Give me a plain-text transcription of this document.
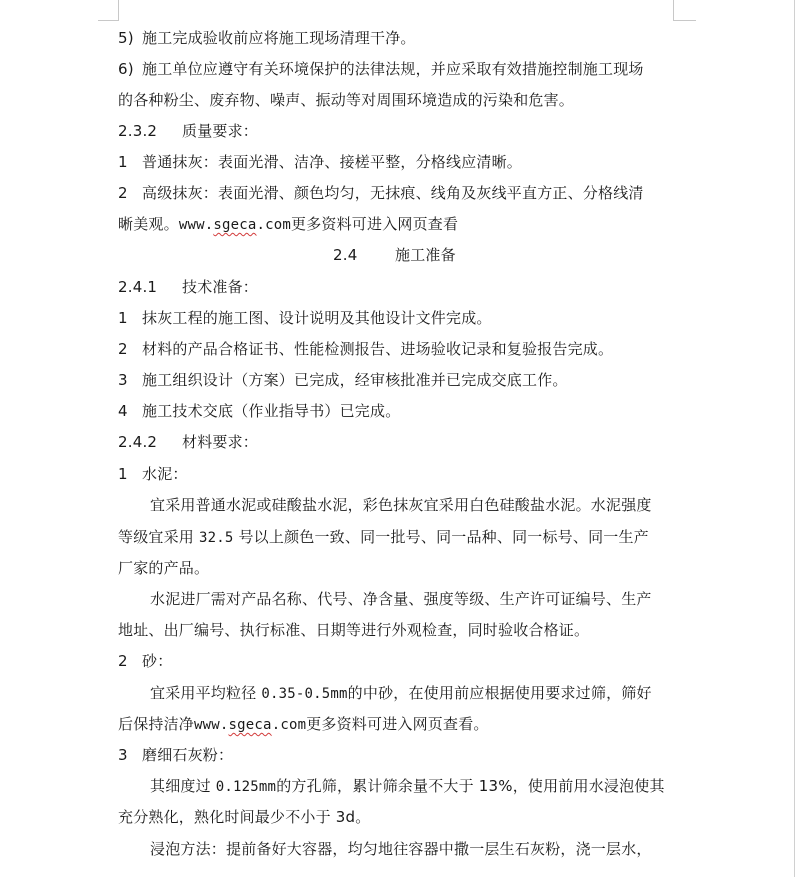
5) 施工完成验收前应将施工现场清理干净。
6) 施工单位应遵守有关环境保护的法律法规，并应采取有效措施控制施工现场
的各种粉尘、废弃物、噪声、振动等对周围环境造成的污染和危害。
2.3.2 质量要求：
1 普通抹灰：表面光滑、洁净、接槎平整，分格线应清晰。
2 高级抹灰：表面光滑、颜色均匀，无抹痕、线角及灰线平直方正、分格线清
晰美观。www.sgeca.com更多资料可进入网页查看
2.4	施工准备
2.4.1 技术准备：
1 抹灰工程的施工图、设计说明及其他设计文件完成。
2 材料的产品合格证书、性能检测报告、进场验收记录和复验报告完成。
3 施工组织设计（方案）已完成，经审核批准并已完成交底工作。
4 施工技术交底（作业指导书）已完成。
2.4.2 材料要求：
1 水泥：
宜采用普通水泥或硅酸盐水泥，彩色抹灰宜采用白色硅酸盐水泥。水泥强度
等级宜采用 32.5 号以上颜色一致、同一批号、同一品种、同一标号、同一生产
厂家的产品。
水泥进厂需对产品名称、代号、净含量、强度等级、生产许可证编号、生产
地址、出厂编号、执行标准、日期等进行外观检查，同时验收合格证。
2 砂：
宜采用平均粒径 0.35-0.5mm的中砂，在使用前应根据使用要求过筛，筛好
后保持洁净www.sgeca.com更多资料可进入网页查看。
3 磨细石灰粉：
其细度过 0.125mm的方孔筛，累计筛余量不大于 13%，使用前用水浸泡使其
充分熟化，熟化时间最少不小于 3d。
浸泡方法：提前备好大容器，均匀地往容器中撒一层生石灰粉，浇一层水，
